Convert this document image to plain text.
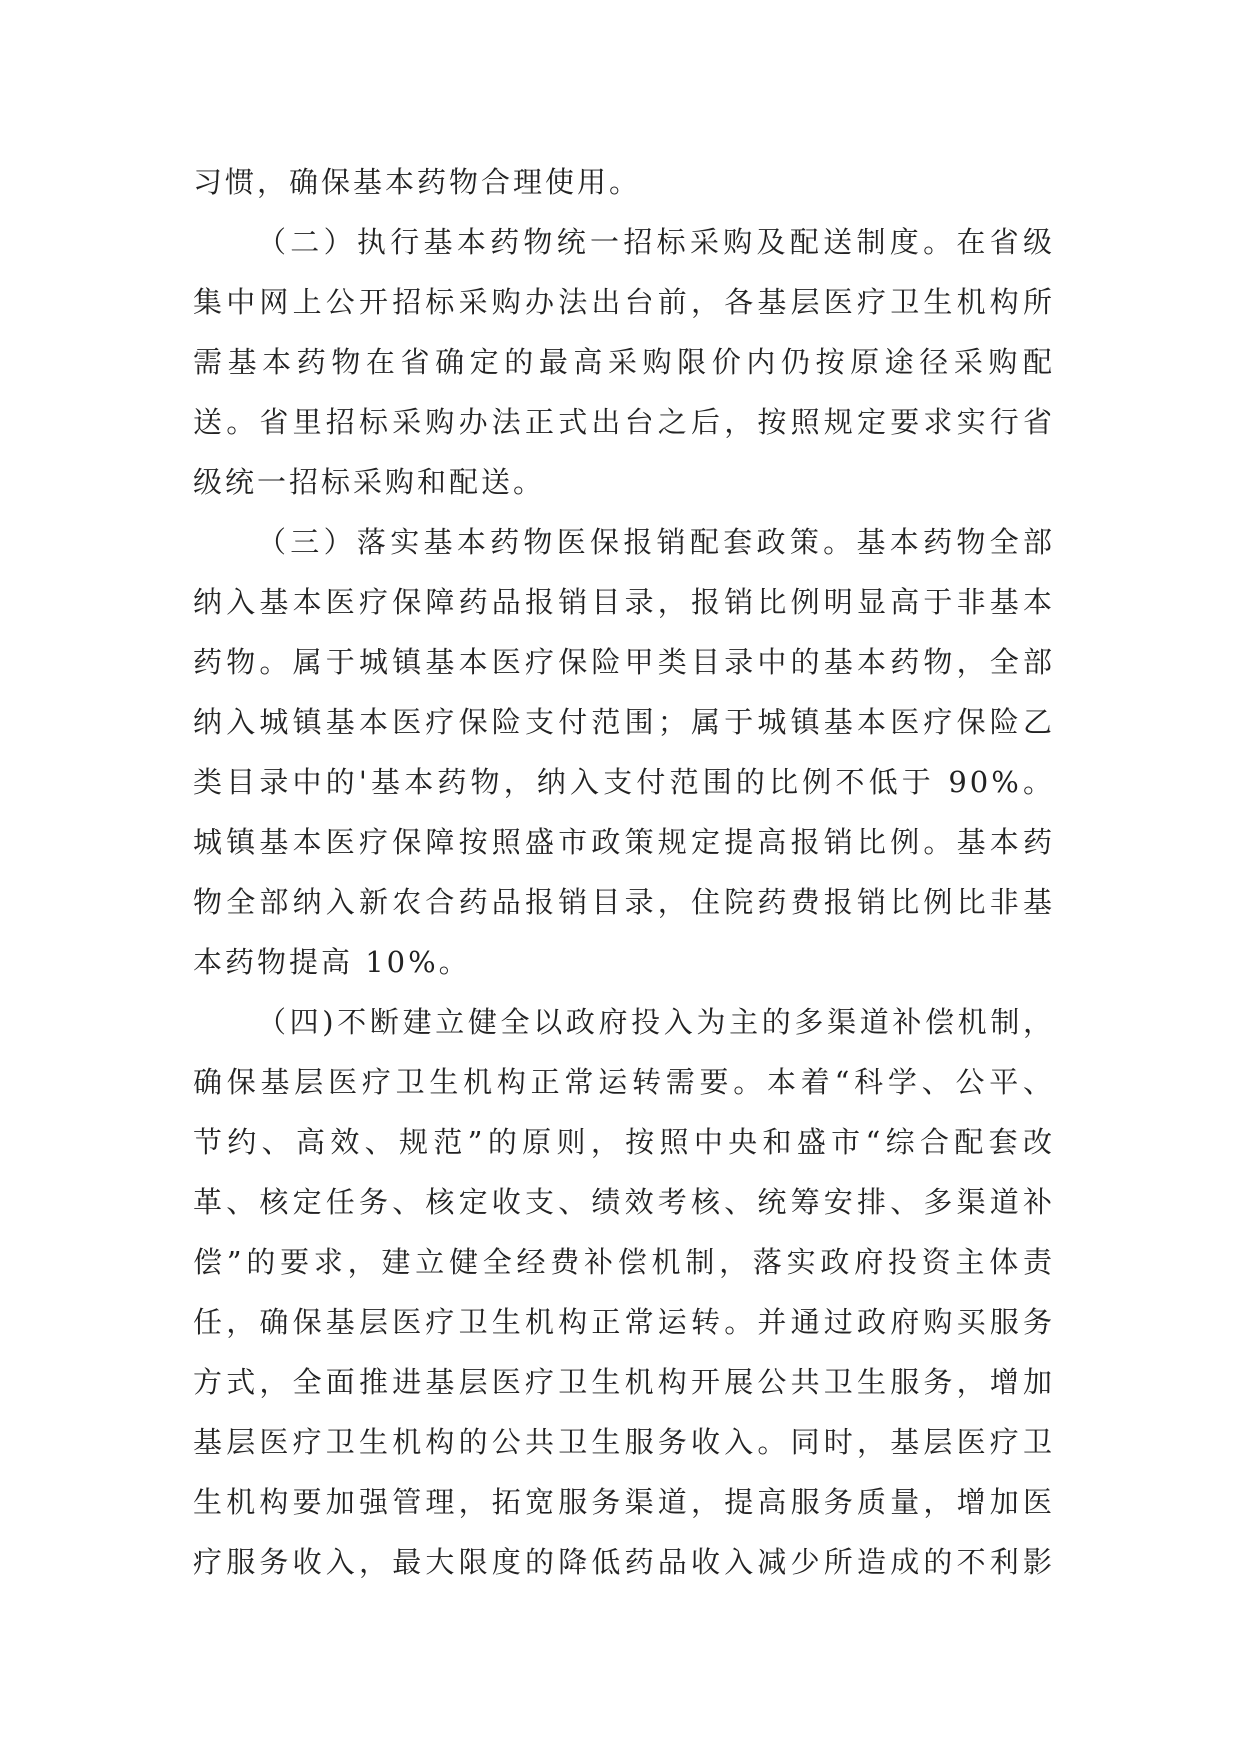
习惯，确保基本药物合理使用。
（二）执行基本药物统一招标采购及配送制度。在省级
集中网上公开招标采购办法出台前，各基层医疗卫生机构所
需基本药物在省确定的最高采购限价内仍按原途径采购配
送。省里招标采购办法正式出台之后，按照规定要求实行省
级统一招标采购和配送。
（三）落实基本药物医保报销配套政策。基本药物全部
纳入基本医疗保障药品报销目录，报销比例明显高于非基本
药物。属于城镇基本医疗保险甲类目录中的基本药物，全部
纳入城镇基本医疗保险支付范围；属于城镇基本医疗保险乙
类目录中的'基本药物，纳入支付范围的比例不低于 90%。
城镇基本医疗保障按照盛市政策规定提高报销比例。基本药
物全部纳入新农合药品报销目录，住院药费报销比例比非基
本药物提高 10%。
（四)不断建立健全以政府投入为主的多渠道补偿机制，
确保基层医疗卫生机构正常运转需要。本着“科学、公平、
节约、高效、规范”的原则，按照中央和盛市“综合配套改
革、核定任务、核定收支、绩效考核、统筹安排、多渠道补
偿”的要求，建立健全经费补偿机制，落实政府投资主体责
任，确保基层医疗卫生机构正常运转。并通过政府购买服务
方式，全面推进基层医疗卫生机构开展公共卫生服务，增加
基层医疗卫生机构的公共卫生服务收入。同时，基层医疗卫
生机构要加强管理，拓宽服务渠道，提高服务质量，增加医
疗服务收入，最大限度的降低药品收入减少所造成的不利影
